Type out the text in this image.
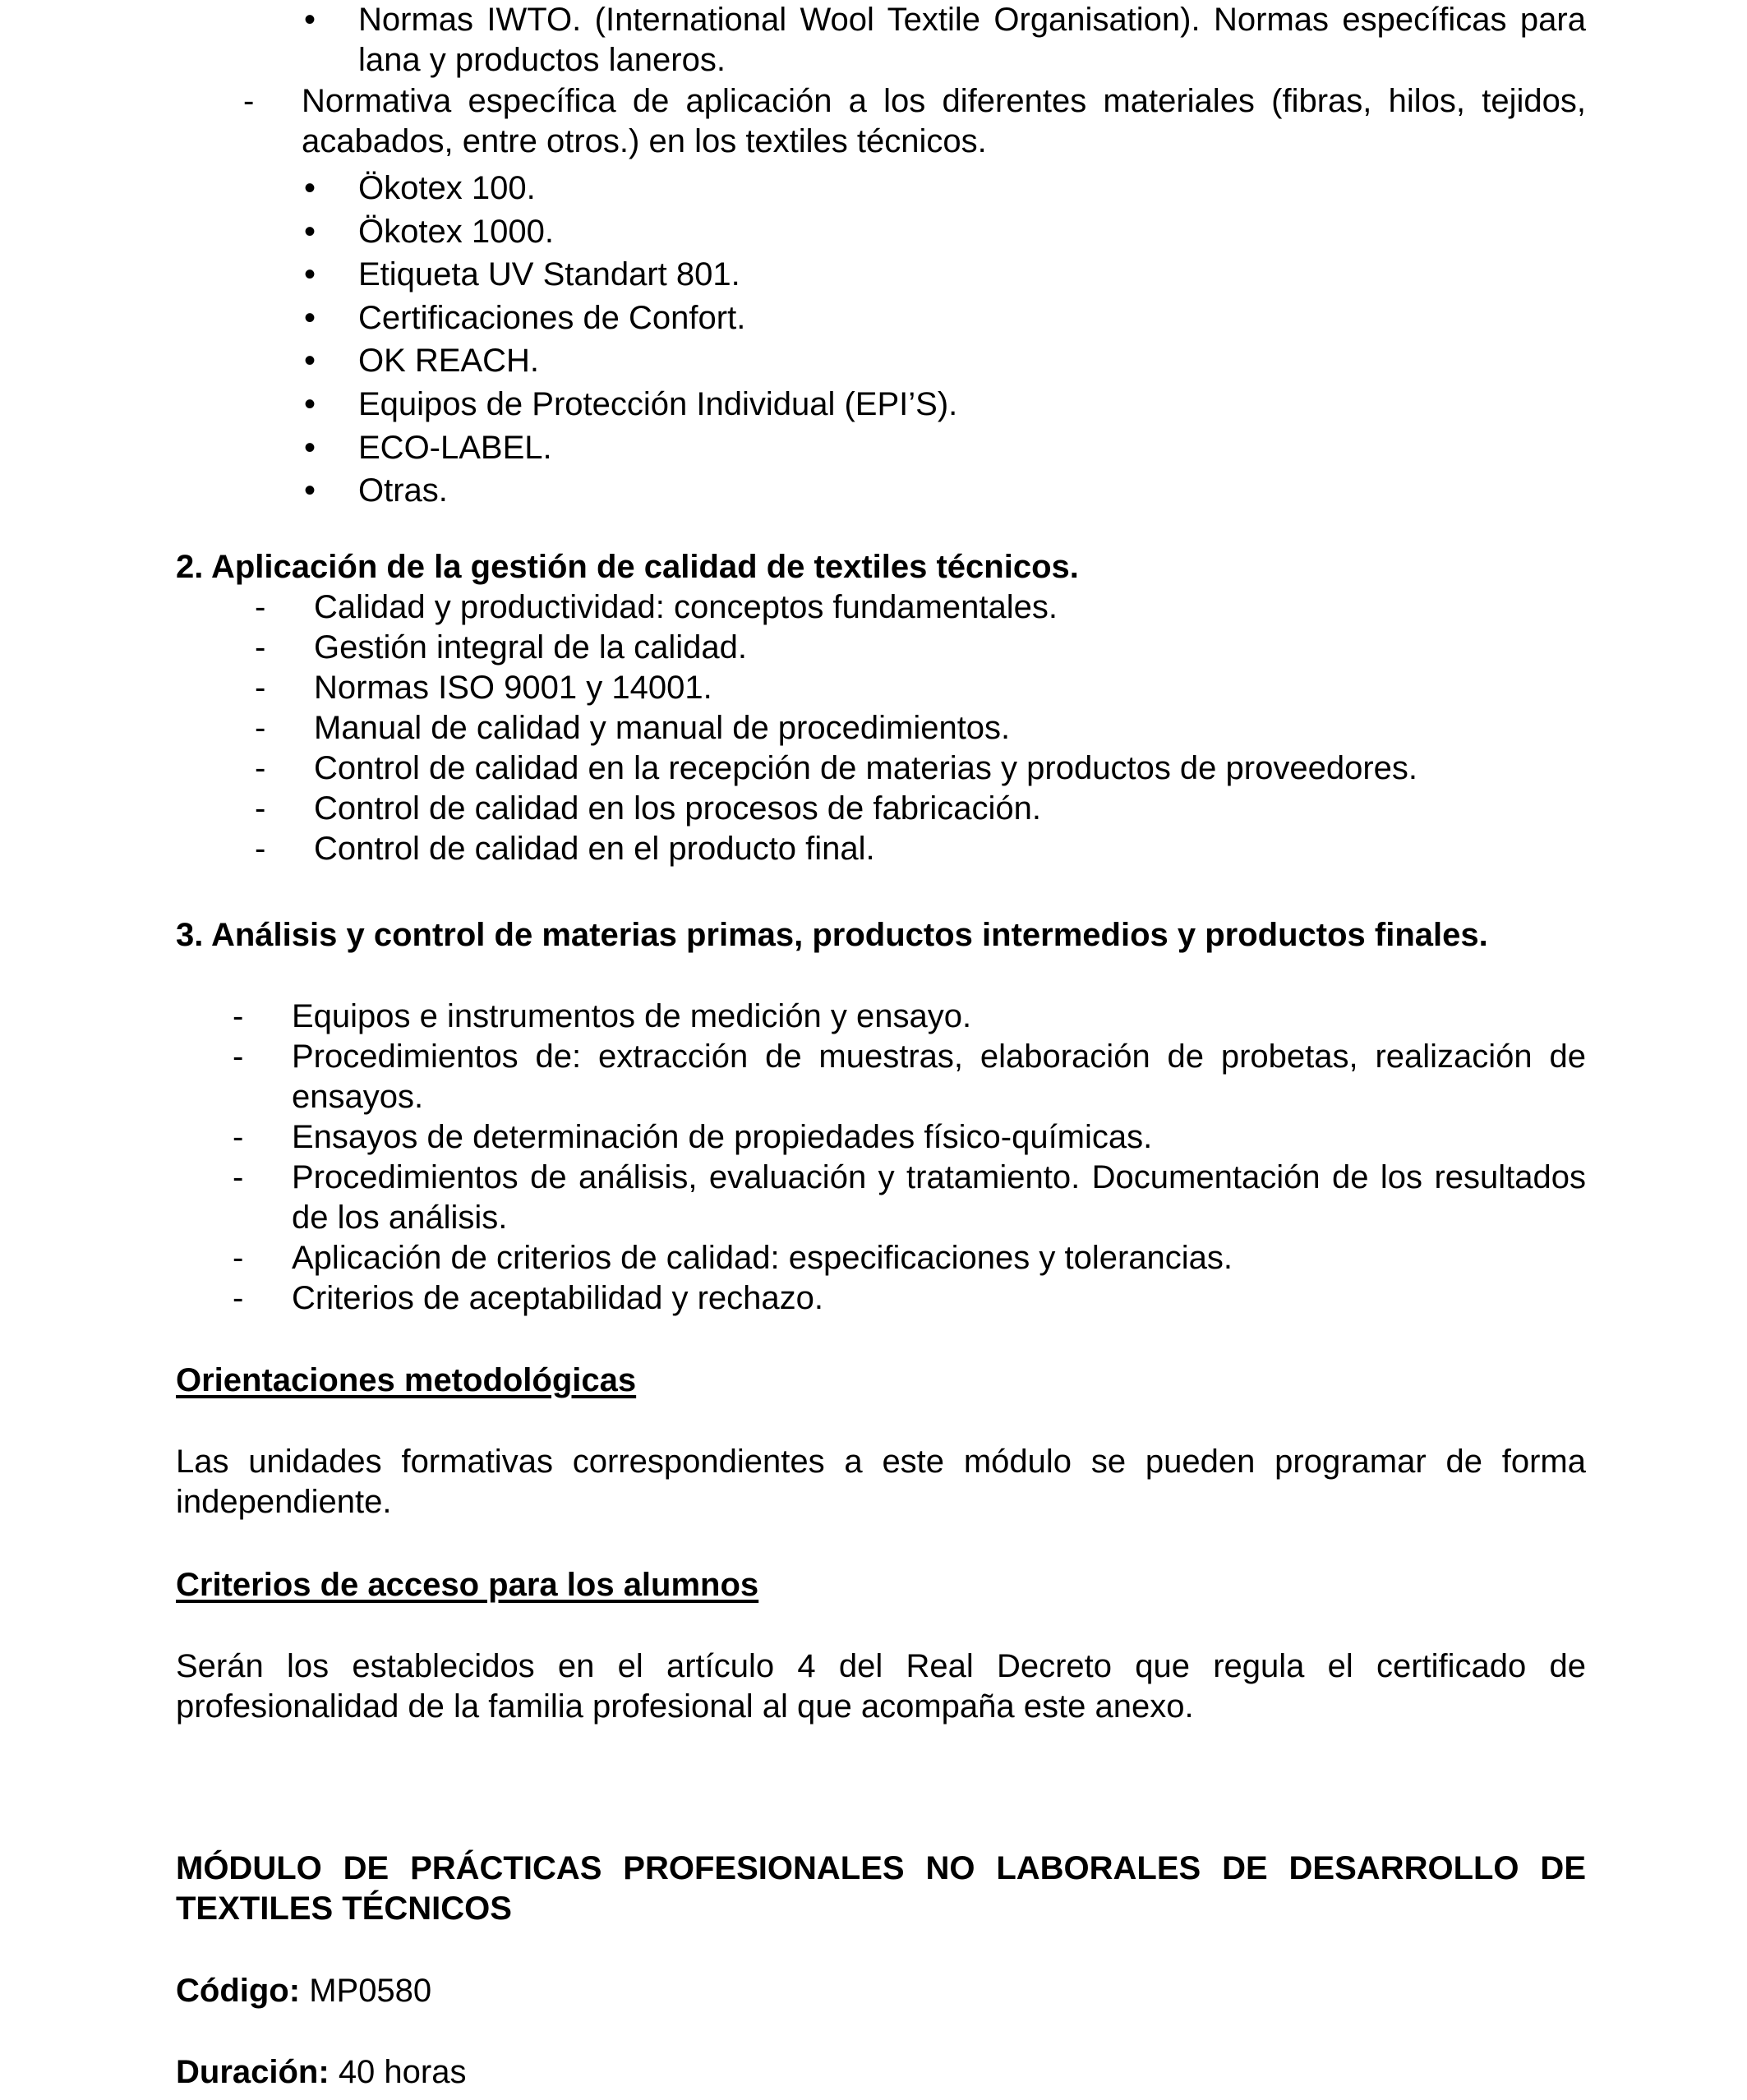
• Normas IWTO. (International Wool Textile Organisation). Normas específicas para lana y productos laneros.
- Normativa específica de aplicación a los diferentes materiales (fibras, hilos, tejidos, acabados, entre otros.) en los textiles técnicos.
•	Ökotex 100.
•	Ökotex 1000.
•	Etiqueta UV Standart 801.
•	Certificaciones de Confort.
•	OK REACH.
•	Equipos de Protección Individual (EPI’S).
•	ECO-LABEL.
•	Otras.
2. Aplicación de la gestión de calidad de textiles técnicos.
- Calidad y productividad: conceptos fundamentales.
- Gestión integral de la calidad.
- Normas ISO 9001 y 14001.
- Manual de calidad y manual de procedimientos.
- Control de calidad en la recepción de materias y productos de proveedores.
- Control de calidad en los procesos de fabricación.
- Control de calidad en el producto final.
3. Análisis y control de materias primas, productos intermedios y productos finales.
- Equipos e instrumentos de medición y ensayo.
- Procedimientos de: extracción de muestras, elaboración de probetas, realización de ensayos.
- Ensayos de determinación de propiedades físico-químicas.
- Procedimientos de análisis, evaluación y tratamiento. Documentación de los resultados de los análisis.
- Aplicación de criterios de calidad: especificaciones y tolerancias.
- Criterios de aceptabilidad y rechazo.
Orientaciones metodológicas
Las unidades formativas correspondientes a este módulo se pueden programar de forma independiente.
Criterios de acceso para los alumnos
Serán los establecidos en el artículo 4 del Real Decreto que regula el certificado de profesionalidad de la familia profesional al que acompaña este anexo.
MÓDULO DE PRÁCTICAS PROFESIONALES NO LABORALES DE DESARROLLO DE TEXTILES TÉCNICOS
Código: MP0580
Duración: 40 horas
